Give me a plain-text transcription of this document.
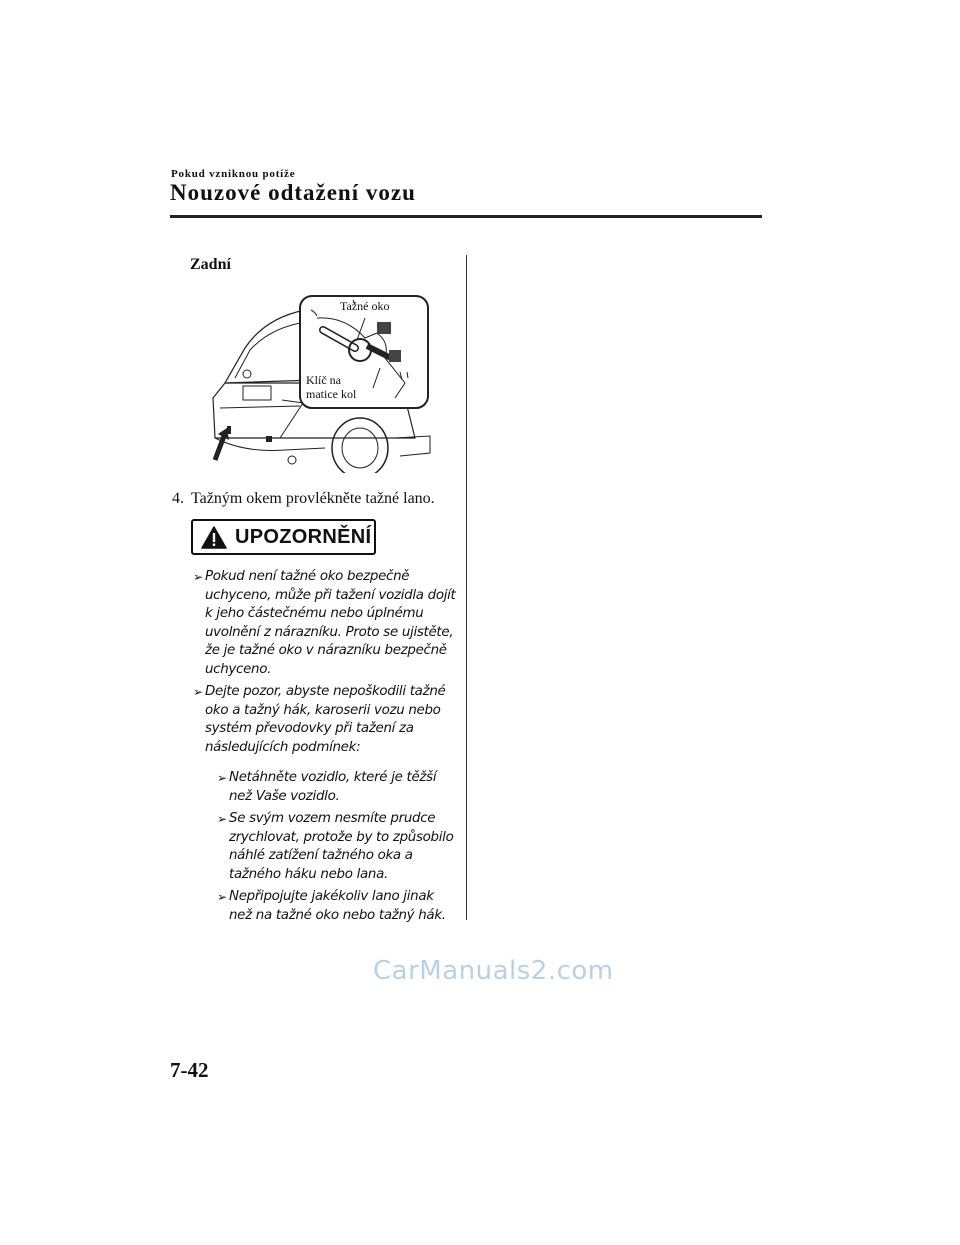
Pokud vzniknou potíže
Nouzové odtažení vozu
Zadní
Tažné oko
Klíč na
matice kol
4. Tažným okem provlékněte tažné lano.
UPOZORNĚNÍ

➢ Pokud není tažné oko bezpečně uchyceno, může při tažení vozidla dojít k jeho částečnému nebo úplnému uvolnění z nárazníku. Proto se ujistěte, že je tažné oko v nárazníku bezpečně uchyceno.

➢ Dejte pozor, abyste nepoškodili tažné oko a tažný hák, karoserii vozu nebo systém převodovky při tažení za následujících podmínek:

➢ Netáhněte vozidlo, které je těžší než Vaše vozidlo.

➢ Se svým vozem nesmíte prudce zrychlovat, protože by to způsobilo náhlé zatížení tažného oka a tažného háku nebo lana.

➢ Nepřipojujte jakékoliv lano jinak než na tažné oko nebo tažný hák.

CarManuals2.com
7-42
